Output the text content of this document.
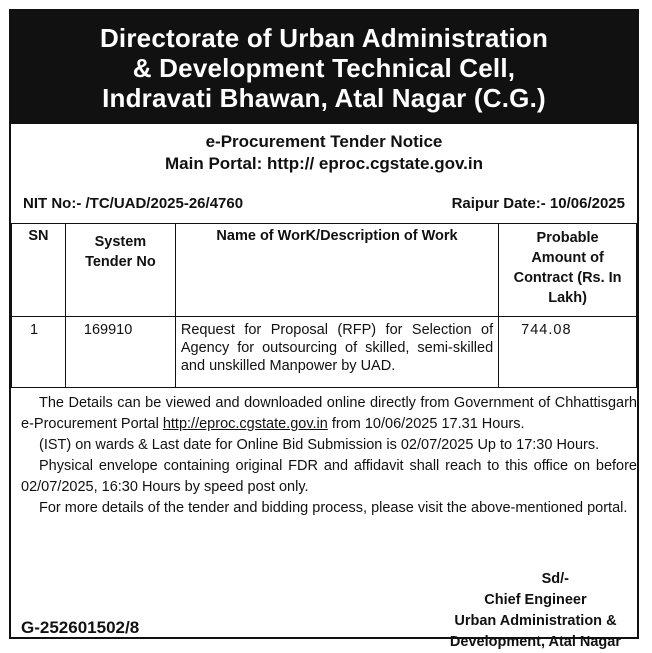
Directorate of Urban Administration
& Development Technical Cell,
Indravati Bhawan, Atal Nagar (C.G.)
e-Procurement Tender Notice
Main Portal: http:// eproc.cgstate.gov.in
NIT No:- /TC/UAD/2025-26/4760	Raipur Date:- 10/06/2025
SN	System Tender No	Name of WorK/Description of Work	Probable Amount of Contract (Rs. In Lakh)
1	169910	Request for Proposal (RFP) for Selection of Agency for outsourcing of skilled, semi-skilled and unskilled Manpower by UAD.	744.08

The Details can be viewed and downloaded online directly from Government of Chhattisgarh e-Procurement Portal http://eproc.cgstate.gov.in from 10/06/2025 17.31 Hours.

(IST) on wards & Last date for Online Bid Submission is 02/07/2025 Up to 17:30 Hours.

Physical envelope containing original FDR and affidavit shall reach to this office on before 02/07/2025, 16:30 Hours by speed post only.

For more details of the tender and bidding process, please visit the above-mentioned portal.

Sd/-
Chief Engineer
Urban Administration &
Development, Atal Nagar
G-252601502/8
